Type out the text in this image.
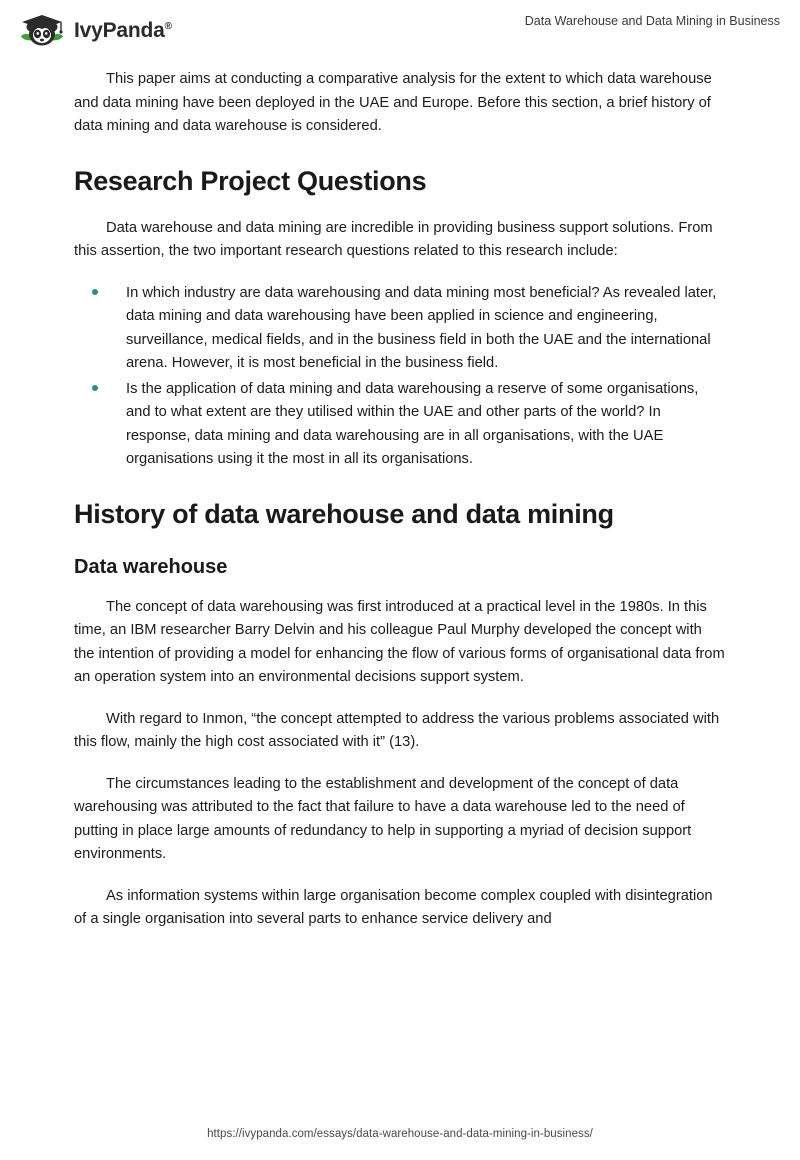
IvyPanda®	Data Warehouse and Data Mining in Business

This paper aims at conducting a comparative analysis for the extent to which data warehouse and data mining have been deployed in the UAE and Europe. Before this section, a brief history of data mining and data warehouse is considered.

Research Project Questions

Data warehouse and data mining are incredible in providing business support solutions. From this assertion, the two important research questions related to this research include:

In which industry are data warehousing and data mining most beneficial? As revealed later, data mining and data warehousing have been applied in science and engineering, surveillance, medical fields, and in the business field in both the UAE and the international arena. However, it is most beneficial in the business field.
Is the application of data mining and data warehousing a reserve of some organisations, and to what extent are they utilised within the UAE and other parts of the world? In response, data mining and data warehousing are in all organisations, with the UAE organisations using it the most in all its organisations.
History of data warehouse and data mining
Data warehouse

The concept of data warehousing was first introduced at a practical level in the 1980s. In this time, an IBM researcher Barry Delvin and his colleague Paul Murphy developed the concept with the intention of providing a model for enhancing the flow of various forms of organisational data from an operation system into an environmental decisions support system.

With regard to Inmon, “the concept attempted to address the various problems associated with this flow, mainly the high cost associated with it” (13).

The circumstances leading to the establishment and development of the concept of data warehousing was attributed to the fact that failure to have a data warehouse led to the need of putting in place large amounts of redundancy to help in supporting a myriad of decision support environments.

As information systems within large organisation become complex coupled with disintegration of a single organisation into several parts to enhance service delivery and

https://ivypanda.com/essays/data-warehouse-and-data-mining-in-business/
